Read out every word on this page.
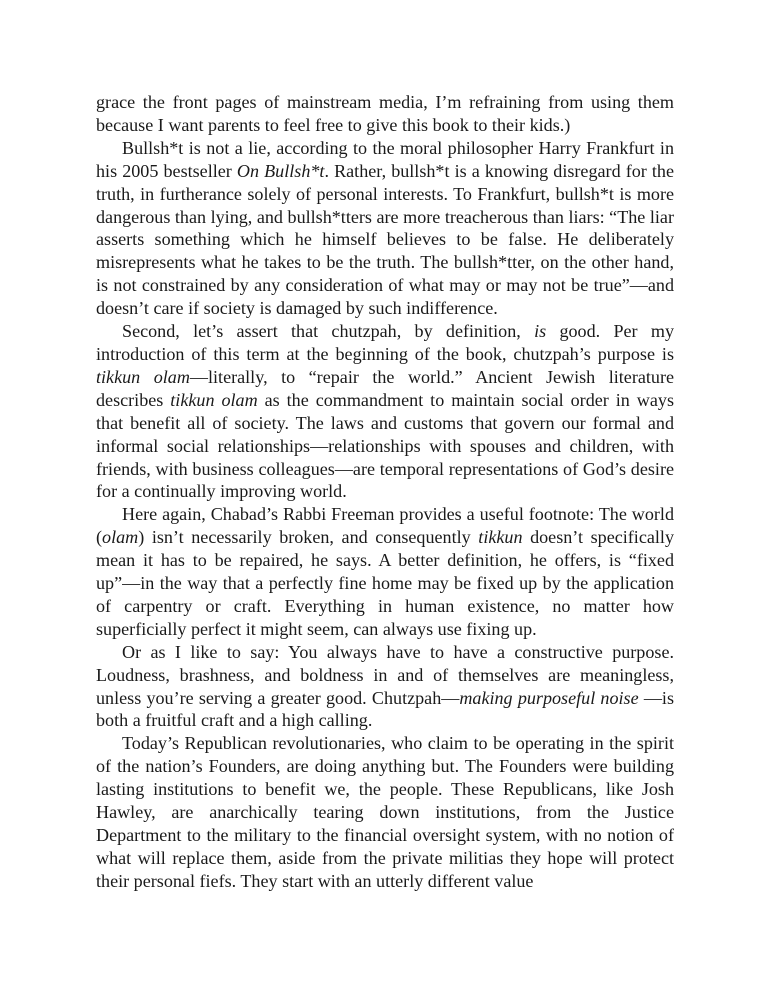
grace the front pages of mainstream media, I’m refraining from using them because I want parents to feel free to give this book to their kids.)

Bullsh*t is not a lie, according to the moral philosopher Harry Frankfurt in his 2005 bestseller On Bullsh*t. Rather, bullsh*t is a knowing disregard for the truth, in furtherance solely of personal interests. To Frankfurt, bullsh*t is more dangerous than lying, and bullsh*tters are more treacherous than liars: “The liar asserts something which he himself believes to be false. He deliberately misrepresents what he takes to be the truth. The bullsh*tter, on the other hand, is not constrained by any consideration of what may or may not be true”—and doesn’t care if society is damaged by such indifference.

Second, let’s assert that chutzpah, by definition, is good. Per my introduction of this term at the beginning of the book, chutzpah’s purpose is tikkun olam—literally, to “repair the world.” Ancient Jewish literature describes tikkun olam as the commandment to maintain social order in ways that benefit all of society. The laws and customs that govern our formal and informal social relationships—relationships with spouses and children, with friends, with business colleagues—are temporal representations of God’s desire for a continually improving world.

Here again, Chabad’s Rabbi Freeman provides a useful footnote: The world (olam) isn’t necessarily broken, and consequently tikkun doesn’t specifically mean it has to be repaired, he says. A better definition, he offers, is “fixed up”—in the way that a perfectly fine home may be fixed up by the application of carpentry or craft. Everything in human existence, no matter how superficially perfect it might seem, can always use fixing up.

Or as I like to say: You always have to have a constructive purpose. Loudness, brashness, and boldness in and of themselves are meaningless, unless you’re serving a greater good. Chutzpah—making purposeful noise —is both a fruitful craft and a high calling.

Today’s Republican revolutionaries, who claim to be operating in the spirit of the nation’s Founders, are doing anything but. The Founders were building lasting institutions to benefit we, the people. These Republicans, like Josh Hawley, are anarchically tearing down institutions, from the Justice Department to the military to the financial oversight system, with no notion of what will replace them, aside from the private militias they hope will protect their personal fiefs. They start with an utterly different value
